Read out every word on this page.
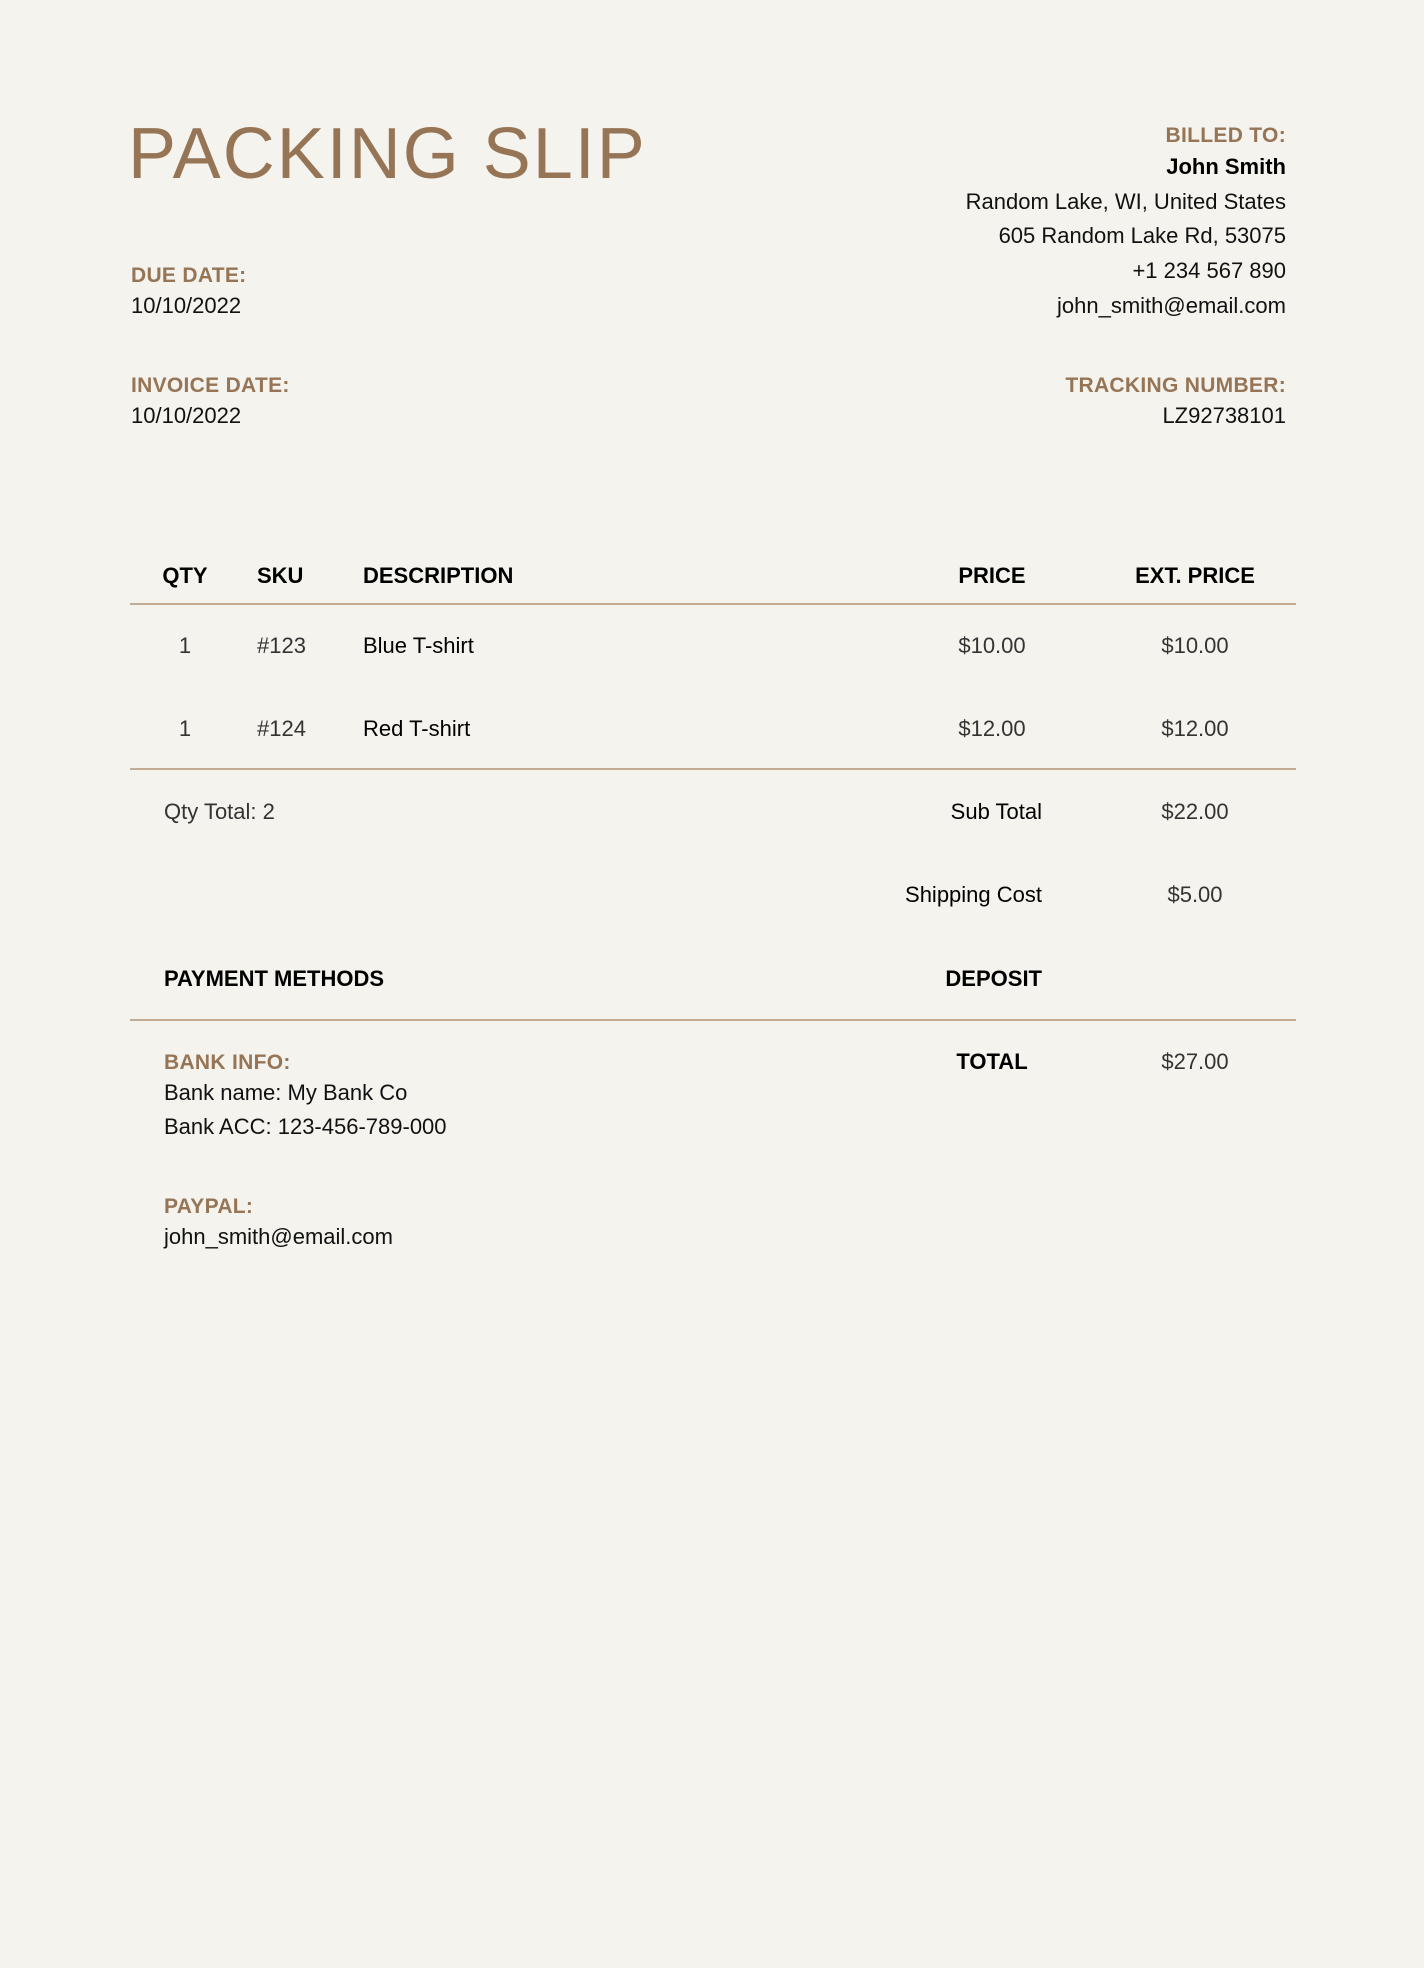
PACKING SLIP	BILLED TO:
John Smith
Random Lake, WI, United States
605 Random Lake Rd, 53075
+1 234 567 890
john_smith@email.com
DUE DATE:
10/10/2022
INVOICE DATE:
10/10/2022
TRACKING NUMBER:
LZ92738101
QTY	SKU	DESCRIPTION	PRICE	EXT. PRICE
1	#123	Blue T-shirt	$10.00	$10.00
1	#124	Red T-shirt	$12.00	$12.00
Qty Total: 2	Sub Total	$22.00
Shipping Cost	$5.00
PAYMENT METHODS	DEPOSIT
TOTAL	$27.00
BANK INFO:
Bank name: My Bank Co
Bank ACC: 123-456-789-000
PAYPAL:
john_smith@email.com
